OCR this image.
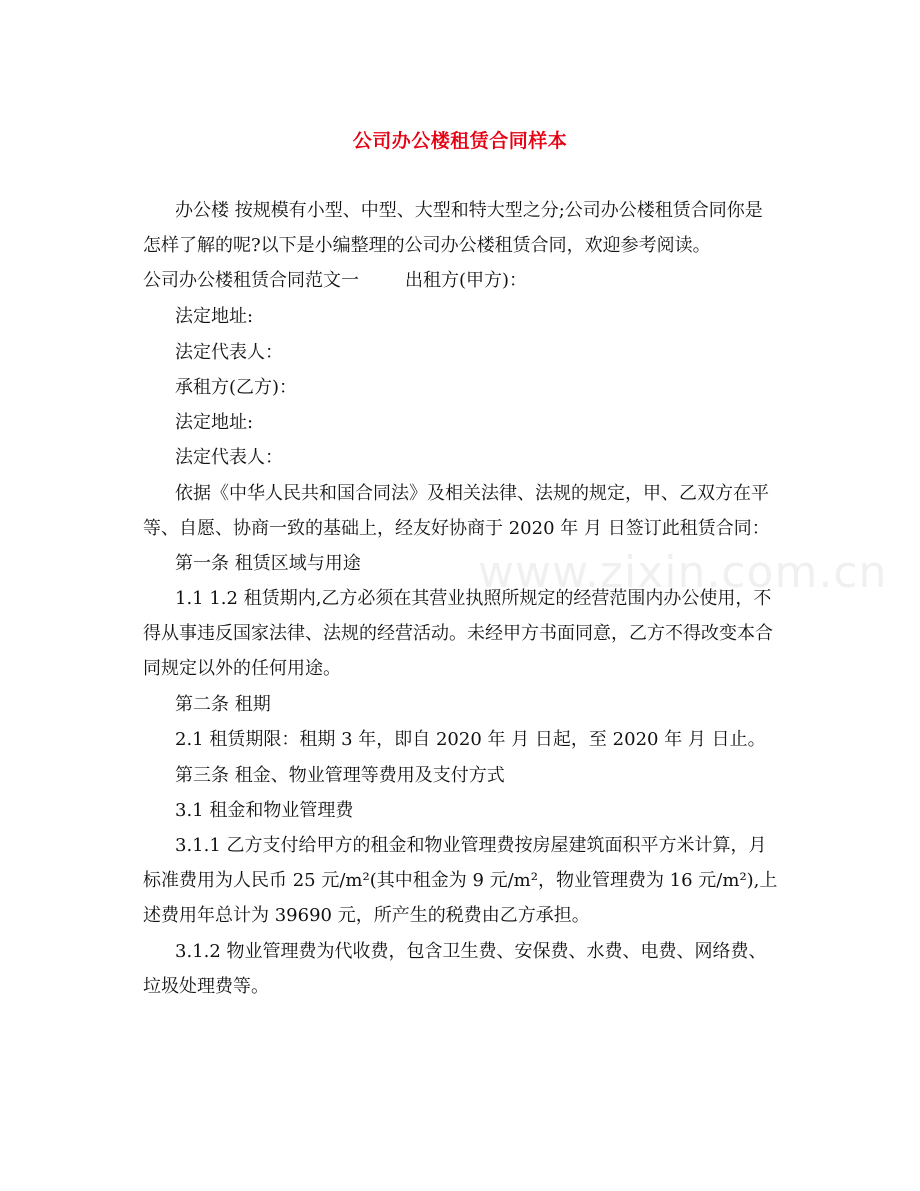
公司办公楼租赁合同样本
办公楼 按规模有小型、中型、大型和特大型之分;公司办公楼租赁合同你是
怎样了解的呢?以下是小编整理的公司办公楼租赁合同，欢迎参考阅读。
公司办公楼租赁合同范文一	出租方(甲方)：
法定地址:
法定代表人：
承租方(乙方)：
法定地址:
法定代表人：
依据《中华人民共和国合同法》及相关法律、法规的规定，甲、乙双方在平
等、自愿、协商一致的基础上，经友好协商于 2020 年 月 日签订此租赁合同：
第一条 租赁区域与用途
1.1 1.2 租赁期内,乙方必须在其营业执照所规定的经营范围内办公使用，不
得从事违反国家法律、法规的经营活动。未经甲方书面同意，乙方不得改变本合
同规定以外的任何用途。
第二条 租期
2.1 租赁期限：租期 3 年，即自 2020 年 月 日起，至 2020 年 月 日止。
第三条 租金、物业管理等费用及支付方式
3.1 租金和物业管理费
3.1.1 乙方支付给甲方的租金和物业管理费按房屋建筑面积平方米计算，月
标准费用为人民币 25 元/m²(其中租金为 9 元/m²，物业管理费为 16 元/m²),上
述费用年总计为 39690 元，所产生的税费由乙方承担。
3.1.2 物业管理费为代收费，包含卫生费、安保费、水费、电费、网络费、
垃圾处理费等。
www.zixin.com.cn
